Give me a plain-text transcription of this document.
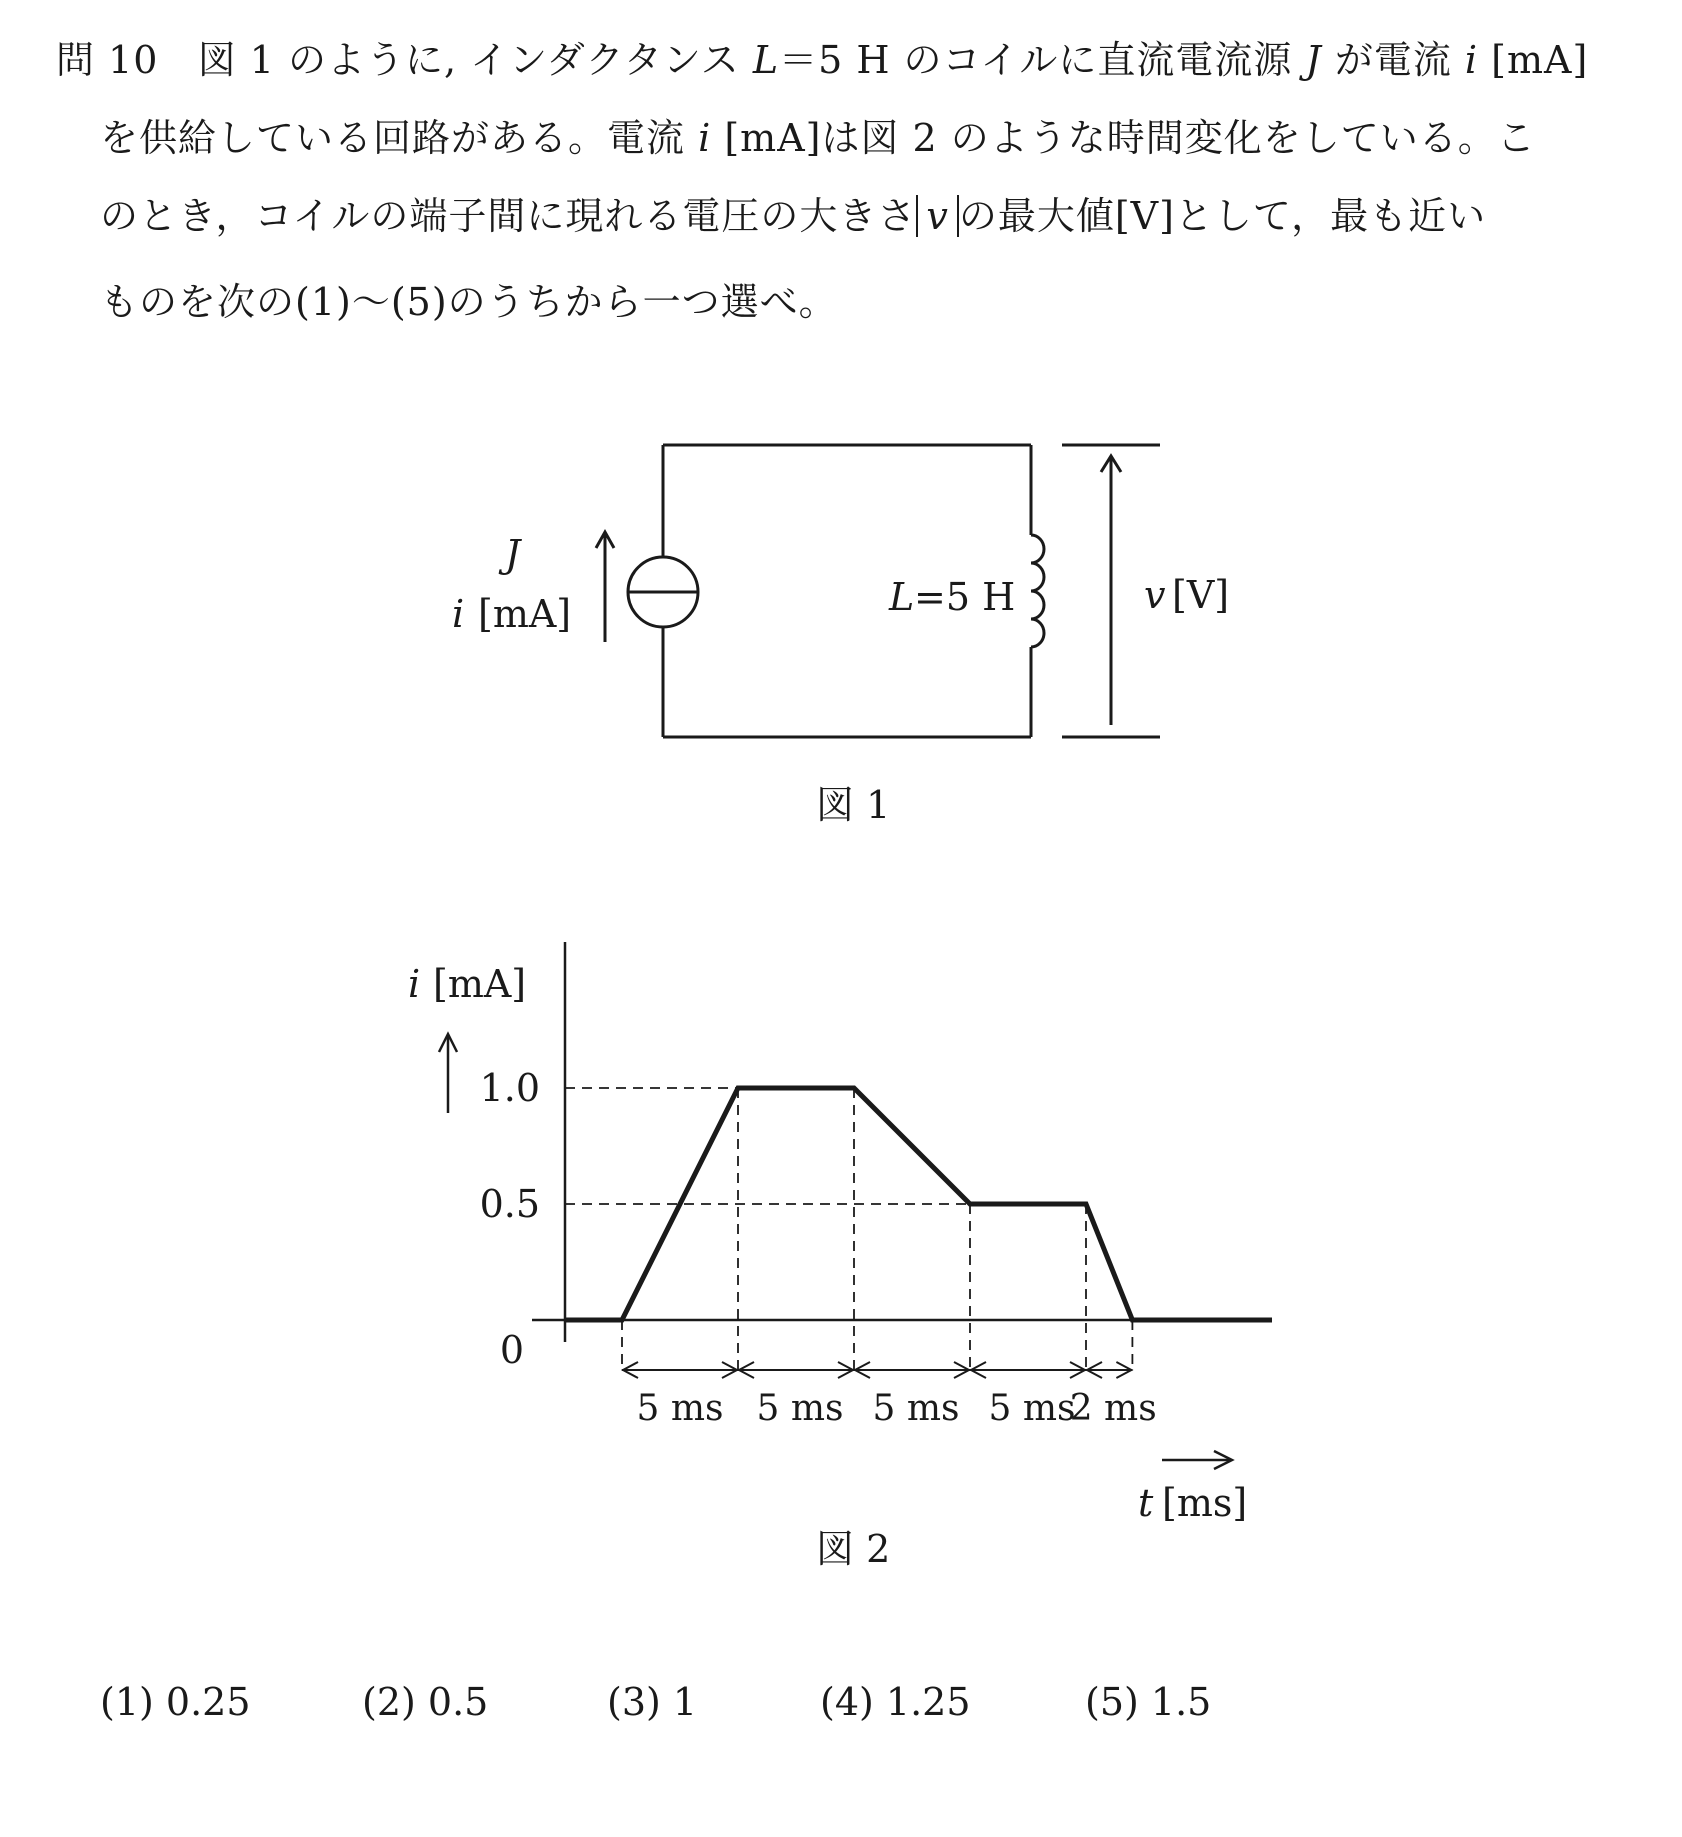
問 10 図 1 のように, インダクタンス L＝5 H のコイルに直流電流源 J が電流 i [mA]
を供給している回路がある。電流 i [mA]は図 2 のような時間変化をしている。こ
のとき，コイルの端子間に現れる電圧の大きさ v の最大値[V]として，最も近い
ものを次の(1)〜(5)のうちから一つ選べ。
J
i [mA]	L =5 H	v [V]
図 1
5 ms 5 ms 5 ms 5 ms
2 ms
1.0
0.5
0
i [mA]
t [ms]
図 2
(1) 0.25	(2) 0.5	(3) 1	(4) 1.25	(5) 1.5
